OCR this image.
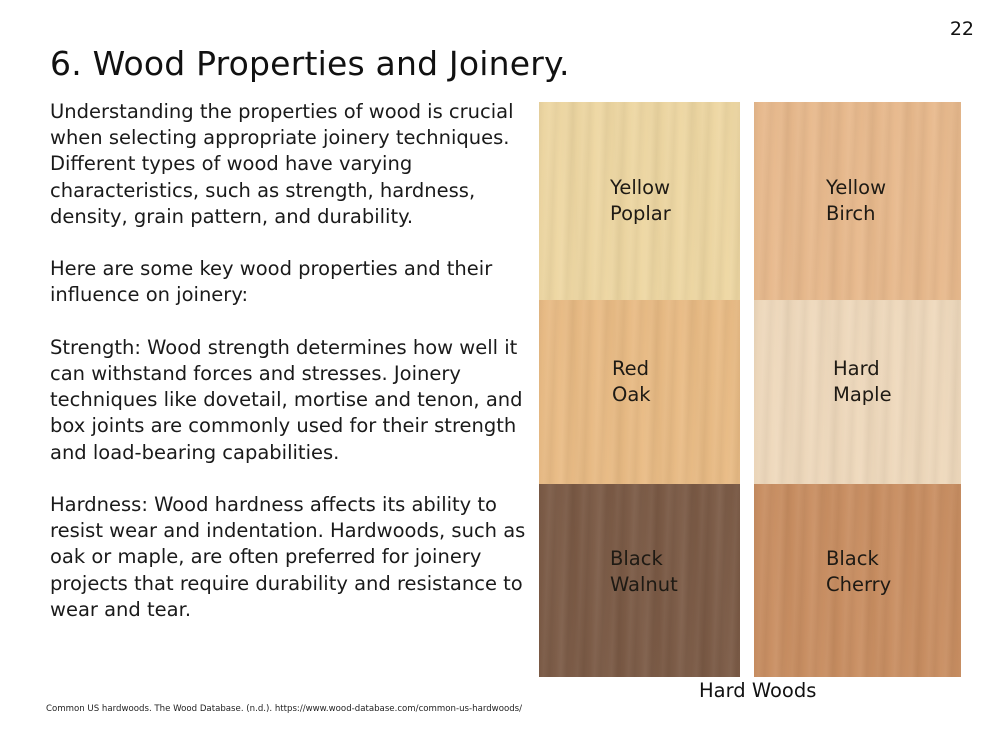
22
6. Wood Properties and Joinery.

Understanding the properties of wood is crucial when selecting appropriate joinery techniques. Different types of wood have varying characteristics, such as strength, hardness, density, grain pattern, and durability.

Here are some key wood properties and their influence on joinery:

Strength: Wood strength determines how well it can withstand forces and stresses. Joinery techniques like dovetail, mortise and tenon, and box joints are commonly used for their strength and load-bearing capabilities.

Hardness: Wood hardness affects its ability to resist wear and indentation. Hardwoods, such as oak or maple, are often preferred for joinery projects that require durability and resistance to wear and tear.

Yellow
Poplar
Yellow
Birch
Red
Oak
Hard
Maple
Black
Walnut
Black
Cherry
Hard Woods
Common US hardwoods. The Wood Database. (n.d.). https://www.wood-database.com/common-us-hardwoods/
